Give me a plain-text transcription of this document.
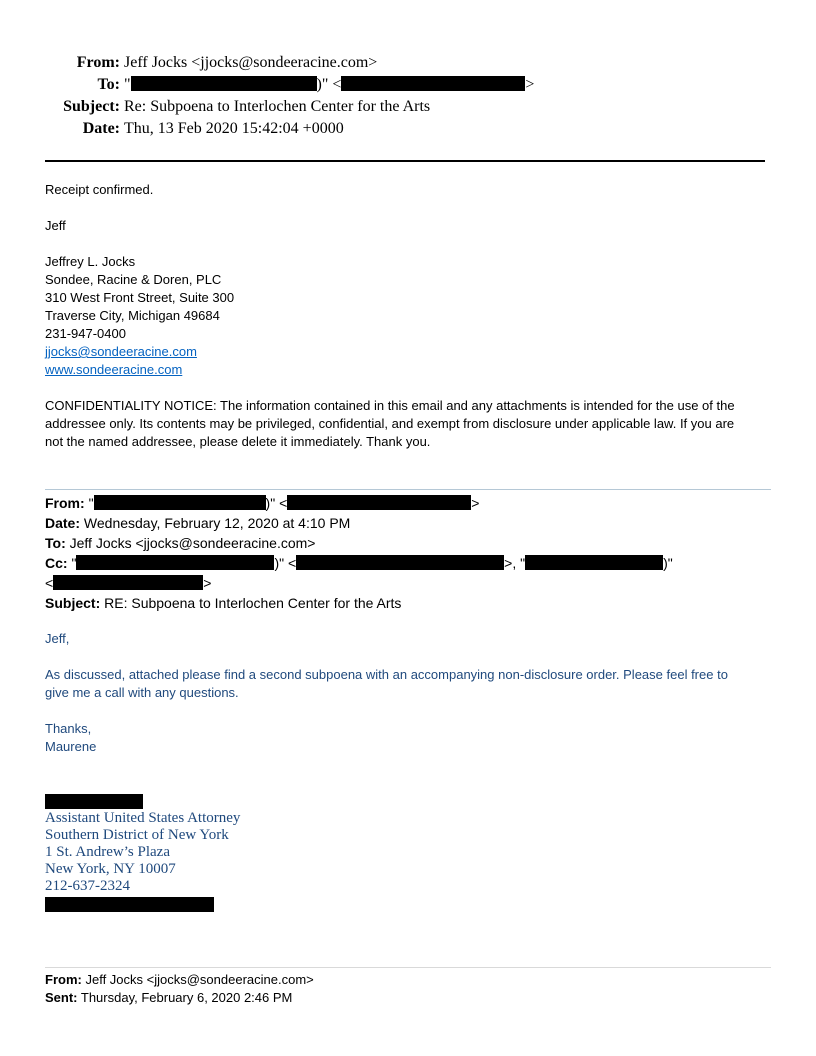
From: Jeff Jocks <jjocks@sondeeracine.com>
To: "	)" <	>
Subject: Re: Subpoena to Interlochen Center for the Arts
Date: Thu, 13 Feb 2020 15:42:04 +0000
Receipt confirmed.
Jeff
Jeffrey L. Jocks
Sondee, Racine & Doren, PLC
310 West Front Street, Suite 300
Traverse City, Michigan 49684
231-947-0400
jjocks@sondeeracine.com
www.sondeeracine.com
CONFIDENTIALITY NOTICE: The information contained in this email and any attachments is intended for the use of the
addressee only. Its contents may be privileged, confidential, and exempt from disclosure under applicable law. If you are
not the named addressee, please delete it immediately. Thank you.
From: "	)" <	>
Date: Wednesday, February 12, 2020 at 4:10 PM
To: Jeff Jocks <jjocks@sondeeracine.com>
Cc: "	)" <	>, "	)"
<	>
Subject: RE: Subpoena to Interlochen Center for the Arts
Jeff,
As discussed, attached please find a second subpoena with an accompanying non-disclosure order. Please feel free to
give me a call with any questions.
Thanks,
Maurene
Assistant United States Attorney
Southern District of New York
1 St. Andrew’s Plaza
New York, NY 10007
212-637-2324
From: Jeff Jocks <jjocks@sondeeracine.com>
Sent: Thursday, February 6, 2020 2:46 PM
